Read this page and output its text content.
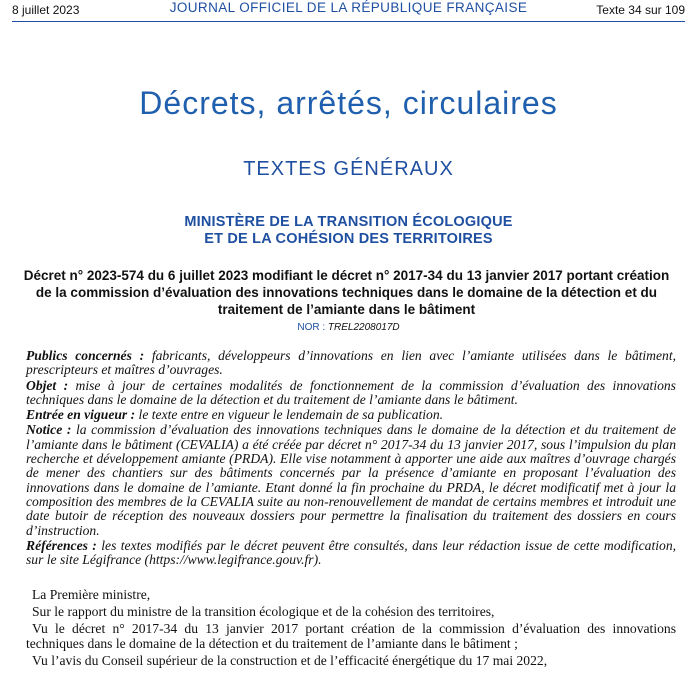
8 juillet 2023	JOURNAL OFFICIEL DE LA RÉPUBLIQUE FRANÇAISE	Texte 34 sur 109
Décrets, arrêtés, circulaires
TEXTES GÉNÉRAUX
MINISTÈRE DE LA TRANSITION ÉCOLOGIQUE
ET DE LA COHÉSION DES TERRITOIRES
Décret n° 2023-574 du 6 juillet 2023 modifiant le décret n° 2017-34 du 13 janvier 2017 portant création de la commission d’évaluation des innovations techniques dans le domaine de la détection et du traitement de l’amiante dans le bâtiment
NOR : TREL2208017D

Publics concernés : fabricants, développeurs d’innovations en lien avec l’amiante utilisées dans le bâtiment, prescripteurs et maîtres d’ouvrages.

Objet : mise à jour de certaines modalités de fonctionnement de la commission d’évaluation des innovations techniques dans le domaine de la détection et du traitement de l’amiante dans le bâtiment.

Entrée en vigueur : le texte entre en vigueur le lendemain de sa publication.

Notice : la commission d’évaluation des innovations techniques dans le domaine de la détection et du traitement de l’amiante dans le bâtiment (CEVALIA) a été créée par décret n° 2017-34 du 13 janvier 2017, sous l’impulsion du plan recherche et développement amiante (PRDA). Elle vise notamment à apporter une aide aux maîtres d’ouvrage chargés de mener des chantiers sur des bâtiments concernés par la présence d’amiante en proposant l’évaluation des innovations dans le domaine de l’amiante. Etant donné la fin prochaine du PRDA, le décret modificatif met à jour la composition des membres de la CEVALIA suite au non-renouvellement de mandat de certains membres et introduit une date butoir de réception des nouveaux dossiers pour permettre la finalisation du traitement des dossiers en cours d’instruction.

Références : les textes modifiés par le décret peuvent être consultés, dans leur rédaction issue de cette modification, sur le site Légifrance (https://www.legifrance.gouv.fr).

La Première ministre,

Sur le rapport du ministre de la transition écologique et de la cohésion des territoires,

Vu le décret n° 2017-34 du 13 janvier 2017 portant création de la commission d’évaluation des innovations techniques dans le domaine de la détection et du traitement de l’amiante dans le bâtiment ;

Vu l’avis du Conseil supérieur de la construction et de l’efficacité énergétique du 17 mai 2022,
